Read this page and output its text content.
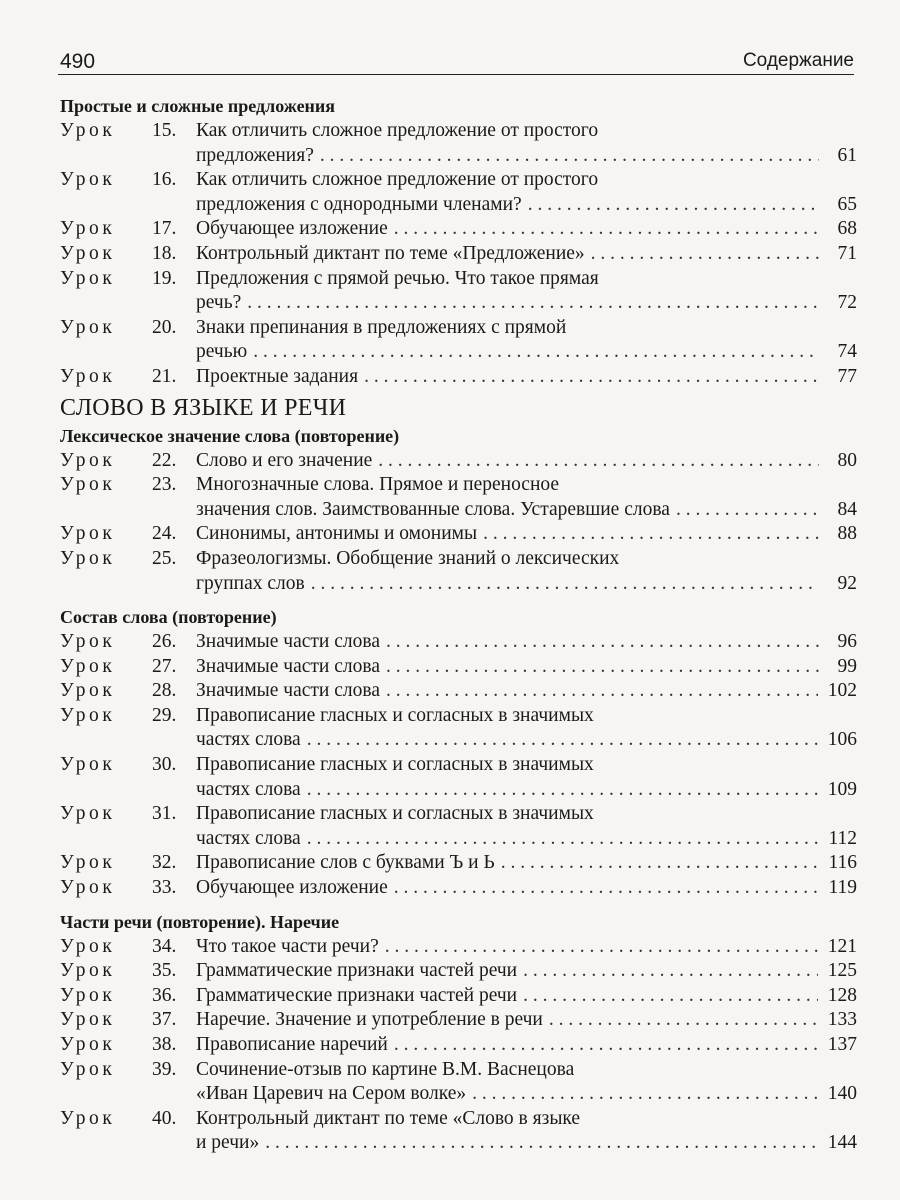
490	Содержание
Простые и сложные предложения
Урок	15.	Как отличить сложное предложение от простого
предложения? . . .	61
Урок	16.	Как отличить сложное предложение от простого
предложения с однородными членами? . . .	65
Урок	17.	Обучающее изложение . . .	68
Урок	18.	Контрольный диктант по теме «Предложение» . . .	71
Урок	19.	Предложения с прямой речью. Что такое прямая
речь? . . .	72
Урок	20.	Знаки препинания в предложениях с прямой
речью . . .	74
Урок	21.	Проектные задания . . .	77
СЛОВО В ЯЗЫКЕ И РЕЧИ
Лексическое значение слова (повторение)
Урок	22.	Слово и его значение . . .	80
Урок	23.	Многозначные слова. Прямое и переносное
значения слов. Заимствованные слова. Устаревшие слова . . .	84
Урок	24.	Синонимы, антонимы и омонимы . . .	88
Урок	25.	Фразеологизмы. Обобщение знаний о лексических
группах слов . . .	92
Состав слова (повторение)
Урок	26.	Значимые части слова . . .	96
Урок	27.	Значимые части слова . . .	99
Урок	28.	Значимые части слова . . .	102
Урок	29.	Правописание гласных и согласных в значимых
частях слова . . .	106
Урок	30.	Правописание гласных и согласных в значимых
частях слова . . .	109
Урок	31.	Правописание гласных и согласных в значимых
частях слова . . .	112
Урок	32.	Правописание слов с буквами Ъ и Ь . . .	116
Урок	33.	Обучающее изложение . . .	119
Части речи (повторение). Наречие
Урок	34.	Что такое части речи? . . .	121
Урок	35.	Грамматические признаки частей речи . . .	125
Урок	36.	Грамматические признаки частей речи . . .	128
Урок	37.	Наречие. Значение и употребление в речи . . .	133
Урок	38.	Правописание наречий . . .	137
Урок	39.	Сочинение-отзыв по картине В.М. Васнецова
«Иван Царевич на Сером волке» . . .	140
Урок	40.	Контрольный диктант по теме «Слово в языке
и речи» . . .	144
